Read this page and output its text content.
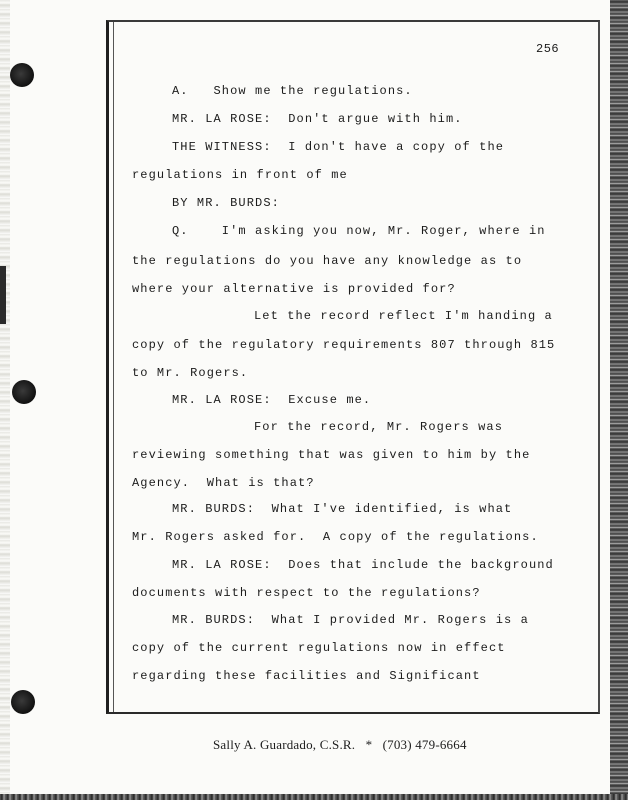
256
A.   Show me the regulations.
MR. LA ROSE:  Don't argue with him.
THE WITNESS:  I don't have a copy of the
regulations in front of me
BY MR. BURDS:
Q.    I'm asking you now, Mr. Roger, where in
the regulations do you have any knowledge as to
where your alternative is provided for?
Let the record reflect I'm handing a
copy of the regulatory requirements 807 through 815
to Mr. Rogers.
MR. LA ROSE:  Excuse me.
For the record, Mr. Rogers was
reviewing something that was given to him by the
Agency.  What is that?
MR. BURDS:  What I've identified, is what
Mr. Rogers asked for.  A copy of the regulations.
MR. LA ROSE:  Does that include the background
documents with respect to the regulations?
MR. BURDS:  What I provided Mr. Rogers is a
copy of the current regulations now in effect
regarding these facilities and Significant
Sally A. Guardado, C.S.R.   *   (703) 479-6664
